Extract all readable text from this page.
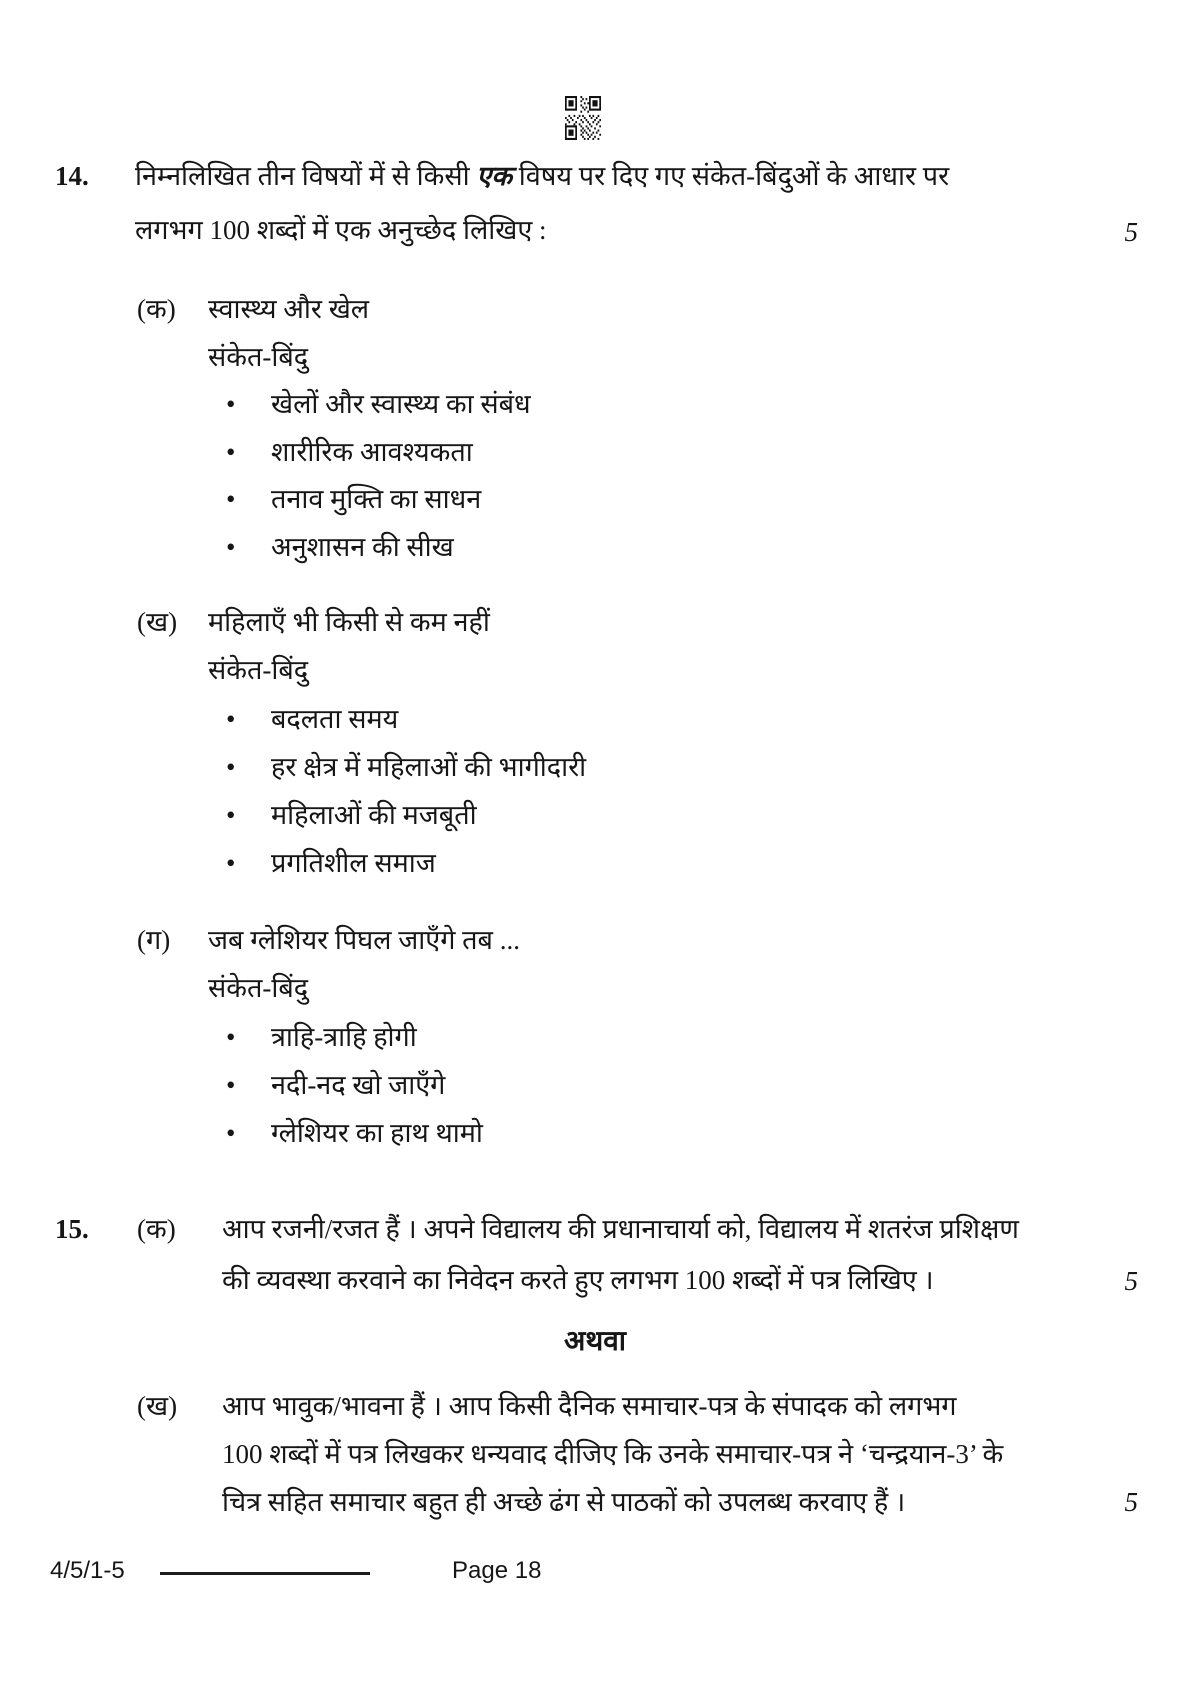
14. निम्नलिखित तीन विषयों में से किसी एक विषय पर दिए गए संकेत-बिंदुओं के आधार पर
लगभग 100 शब्दों में एक अनुच्छेद लिखिए :	5
(क) स्वास्थ्य और खेल
संकेत-बिंदु
• खेलों और स्वास्थ्य का संबंध
• शारीरिक आवश्यकता
• तनाव मुक्ति का साधन
• अनुशासन की सीख
(ख) महिलाएँ भी किसी से कम नहीं
संकेत-बिंदु
• बदलता समय
• हर क्षेत्र में महिलाओं की भागीदारी
• महिलाओं की मजबूती
• प्रगतिशील समाज
(ग) जब ग्लेशियर पिघल जाएँगे तब ...
संकेत-बिंदु
• त्राहि-त्राहि होगी
• नदी-नद खो जाएँगे
• ग्लेशियर का हाथ थामो
15. (क) आप रजनी/रजत हैं । अपने विद्यालय की प्रधानाचार्या को, विद्यालय में शतरंज प्रशिक्षण
की व्यवस्था करवाने का निवेदन करते हुए लगभग 100 शब्दों में पत्र लिखिए ।	5
अथवा
(ख) आप भावुक/भावना हैं । आप किसी दैनिक समाचार-पत्र के संपादक को लगभग
100 शब्दों में पत्र लिखकर धन्यवाद दीजिए कि उनके समाचार-पत्र ने ‘चन्द्रयान-3’ के
चित्र सहित समाचार बहुत ही अच्छे ढंग से पाठकों को उपलब्ध करवाए हैं ।	5
4/5/1-5	Page 18
